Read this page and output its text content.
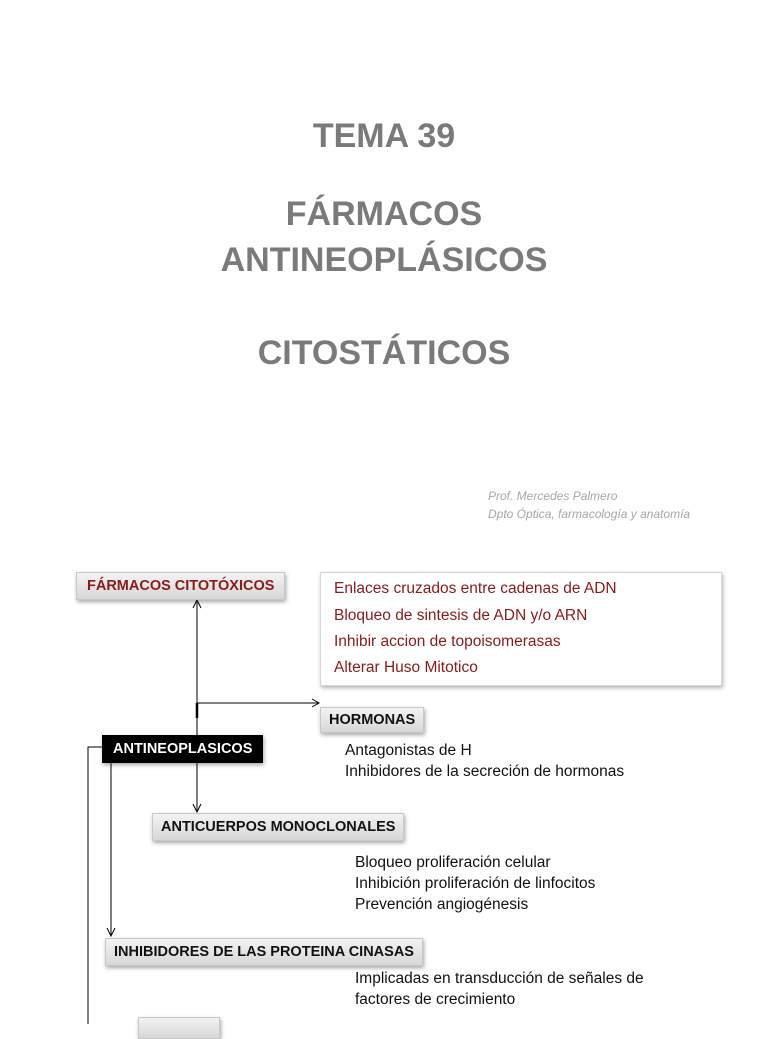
TEMA 39
FÁRMACOS
ANTINEOPLÁSICOS
CITOSTÁTICOS
Prof. Mercedes Palmero
Dpto Óptica, farmacología y anatomía
FÁRMACOS CITOTÓXICOS	Enlaces cruzados entre cadenas de ADN
Bloqueo de sintesis de ADN y/o ARN
Inhibir accion de topoisomerasas
Alterar Huso Mitotico
HORMONAS
ANTINEOPLASICOS	Antagonistas de H
Inhibidores de la secreción de hormonas
ANTICUERPOS MONOCLONALES
Bloqueo proliferación celular
Inhibición proliferación de linfocitos
Prevención angiogénesis
INHIBIDORES DE LAS PROTEINA CINASAS
Implicadas en transducción de señales de
factores de crecimiento
